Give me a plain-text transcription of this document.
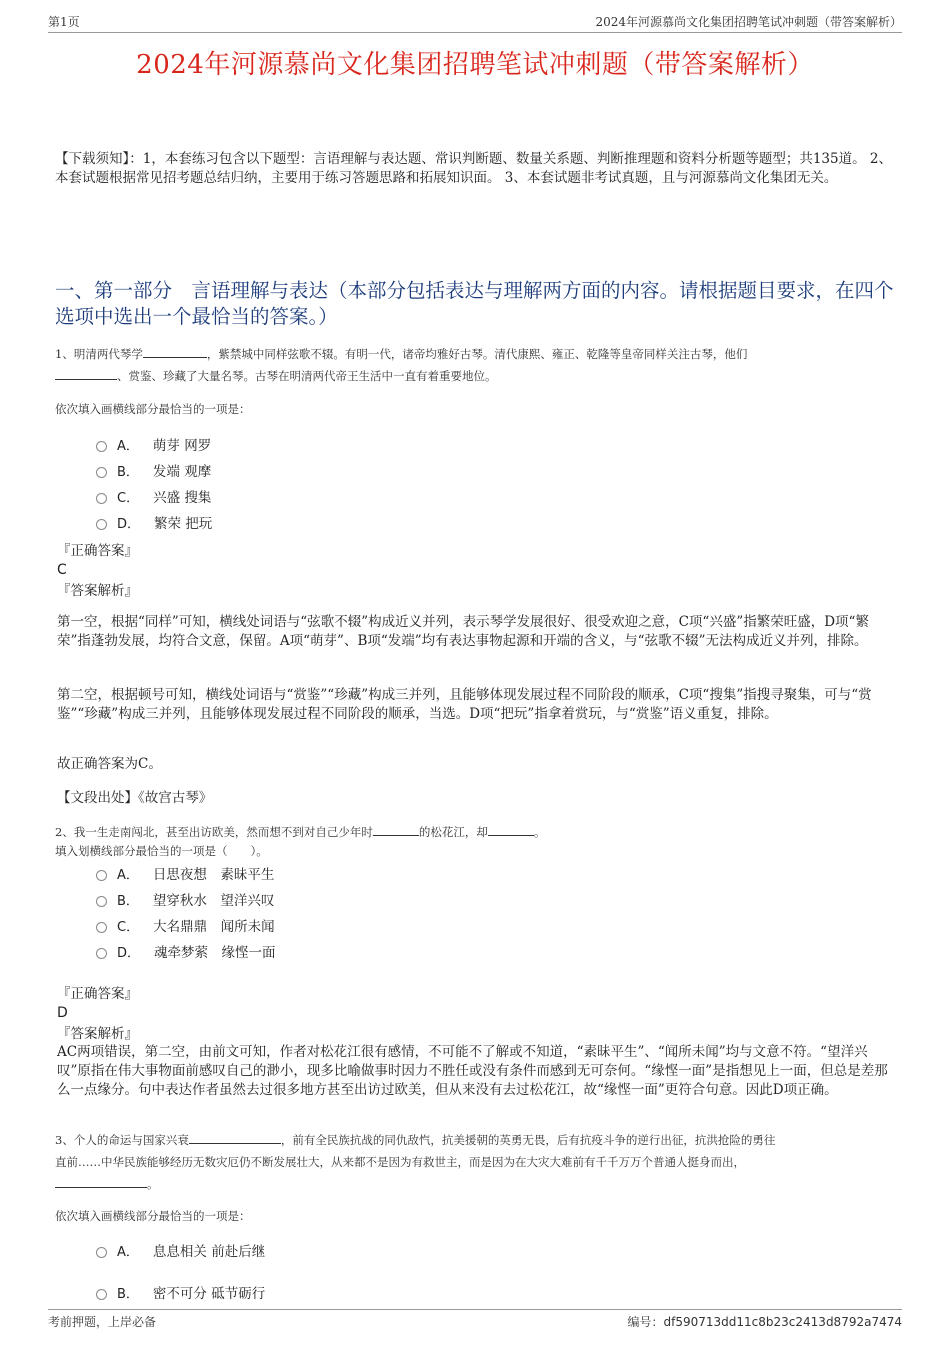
第1页	2024年河源慕尚文化集团招聘笔试冲刺题（带答案解析）
2024年河源慕尚文化集团招聘笔试冲刺题（带答案解析）
【下载须知】：1，本套练习包含以下题型：言语理解与表达题、常识判断题、数量关系题、判断推理题和资料分析题等题型；共135道。 2、本套试题根据常见招考题总结归纳，主要用于练习答题思路和拓展知识面。 3、本套试题非考试真题，且与河源慕尚文化集团无关。
一、第一部分　言语理解与表达（本部分包括表达与理解两方面的内容。请根据题目要求，在四个选项中选出一个最恰当的答案。）
1、明清两代琴学	，紫禁城中同样弦歌不辍。有明一代，诸帝均雅好古琴。清代康熙、雍正、乾隆等皇帝同样关注古琴，他们
、赏鉴、珍藏了大量名琴。古琴在明清两代帝王生活中一直有着重要地位。
依次填入画横线部分最恰当的一项是：
A． 萌芽 网罗
B． 发端 观摩
C． 兴盛 搜集
D． 繁荣 把玩
『正确答案』
C
『答案解析』
第一空，根据“同样”可知，横线处词语与“弦歌不辍”构成近义并列，表示琴学发展很好、很受欢迎之意，C项“兴盛”指繁荣旺盛，D项“繁荣”指蓬勃发展，均符合文意，保留。A项“萌芽”、B项“发端”均有表达事物起源和开端的含义，与“弦歌不辍”无法构成近义并列，排除。
第二空，根据顿号可知，横线处词语与“赏鉴”“珍藏”构成三并列，且能够体现发展过程不同阶段的顺承，C项“搜集”指搜寻聚集，可与“赏鉴”“珍藏”构成三并列，且能够体现发展过程不同阶段的顺承，当选。D项“把玩”指拿着赏玩，与“赏鉴”语义重复，排除。
故正确答案为C。
【文段出处】《故宫古琴》
2、我一生走南闯北，甚至出访欧美，然而想不到对自己少年时	的松花江，却	。
填入划横线部分最恰当的一项是（　　）。
A． 日思夜想　素昧平生
B． 望穿秋水　望洋兴叹
C． 大名鼎鼎　闻所未闻
D． 魂牵梦萦　缘悭一面
『正确答案』
D
『答案解析』
AC两项错误，第二空，由前文可知，作者对松花江很有感情，不可能不了解或不知道，“素昧平生”、“闻所未闻”均与文意不符。“望洋兴叹”原指在伟大事物面前感叹自己的渺小，现多比喻做事时因力不胜任或没有条件而感到无可奈何。“缘悭一面”是指想见上一面，但总是差那么一点缘分。句中表达作者虽然去过很多地方甚至出访过欧美，但从来没有去过松花江，故“缘悭一面”更符合句意。因此D项正确。
3、个人的命运与国家兴衰	，前有全民族抗战的同仇敌忾，抗美援朝的英勇无畏，后有抗疫斗争的逆行出征，抗洪抢险的勇往
直前……中华民族能够经历无数灾厄仍不断发展壮大，从来都不是因为有救世主，而是因为在大灾大难前有千千万万个普通人挺身而出，
。
依次填入画横线部分最恰当的一项是：
A． 息息相关 前赴后继
B． 密不可分 砥节砺行
考前押题，上岸必备	编号：df590713dd11c8b23c2413d8792a7474
